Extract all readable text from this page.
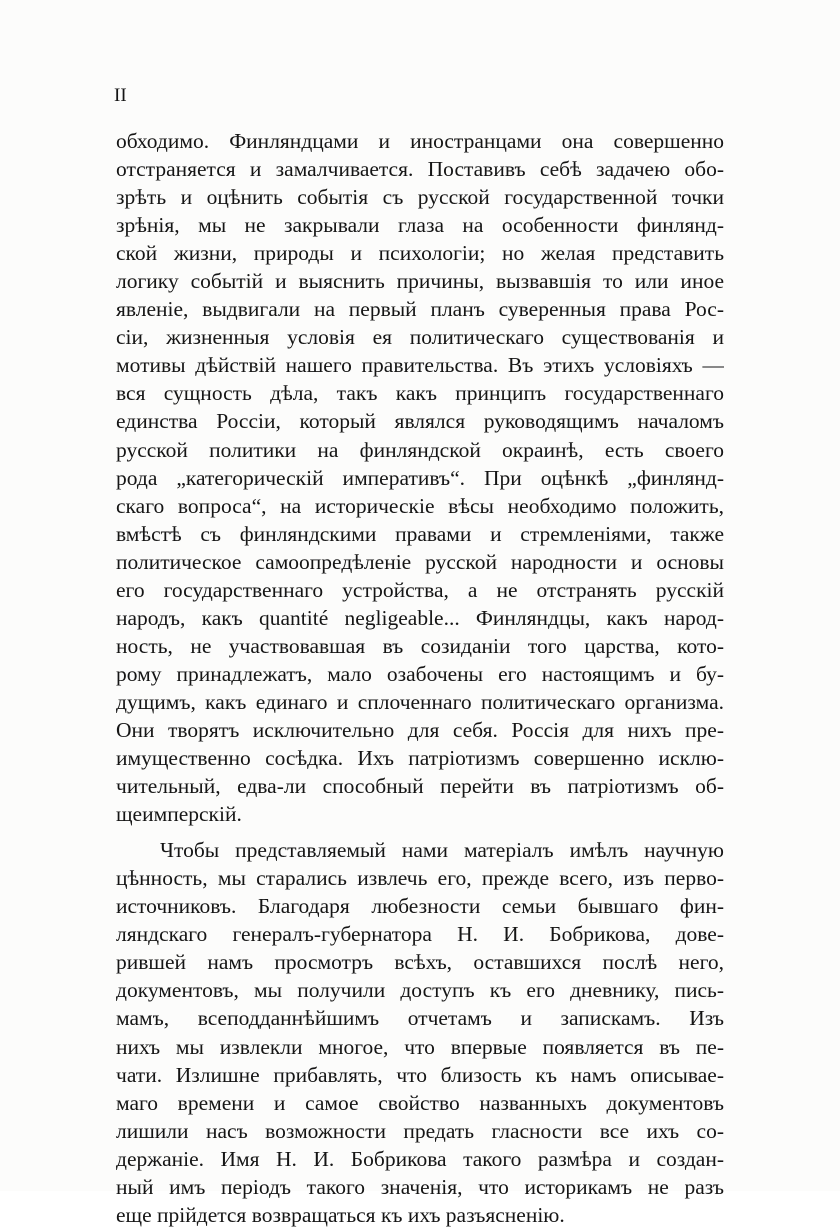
II
обходимо. Финляндцами и иностранцами она совершенно
отстраняется и замалчивается. Поставивъ себѣ задачею обо-
зрѣть и оцѣнить событія съ русской государственной точки
зрѣнія, мы не закрывали глаза на особенности финлянд-
ской жизни, природы и психологіи; но желая представить
логику событій и выяснить причины, вызвавшія то или иное
явленіе, выдвигали на первый планъ суверенныя права Рос-
сіи, жизненныя условія ея политическаго существованія и
мотивы дѣйствій нашего правительства. Въ этихъ условіяхъ —
вся сущность дѣла, такъ какъ принципъ государственнаго
единства Россіи, который являлся руководящимъ началомъ
русской политики на финляндской окраинѣ, есть своего
рода „категорическій императивъ“. При оцѣнкѣ „финлянд-
скаго вопроса“, на историческіе вѣсы необходимо положить,
вмѣстѣ съ финляндскими правами и стремленіями, также
политическое самоопредѣленіе русской народности и основы
его государственнаго устройства, а не отстранять русскій
народъ, какъ quantité negligeable... Финляндцы, какъ народ-
ность, не участвовавшая въ созиданіи того царства, кото-
рому принадлежатъ, мало озабочены его настоящимъ и бу-
дущимъ, какъ единаго и сплоченнаго политическаго организма.
Они творятъ исключительно для себя. Россія для нихъ пре-
имущественно сосѣдка. Ихъ патріотизмъ совершенно исклю-
чительный, едва-ли способный перейти въ патріотизмъ об-
щеимперскій.
Чтобы представляемый нами матеріалъ имѣлъ научную
цѣнность, мы старались извлечь его, прежде всего, изъ перво-
источниковъ. Благодаря любезности семьи бывшаго фин-
ляндскаго генералъ-губернатора Н. И. Бобрикова, дове-
рившей намъ просмотръ всѣхъ, оставшихся послѣ него,
документовъ, мы получили доступъ къ его дневнику, пись-
мамъ, всеподданнѣйшимъ отчетамъ и запискамъ. Изъ
нихъ мы извлекли многое, что впервые появляется въ пе-
чати. Излишне прибавлять, что близость къ намъ описывае-
маго времени и самое свойство названныхъ документовъ
лишили насъ возможности предать гласности все ихъ со-
держаніе. Имя Н. И. Бобрикова такого размѣра и создан-
ный имъ періодъ такого значенія, что историкамъ не разъ
еще прійдется возвращаться къ ихъ разъясненію.
